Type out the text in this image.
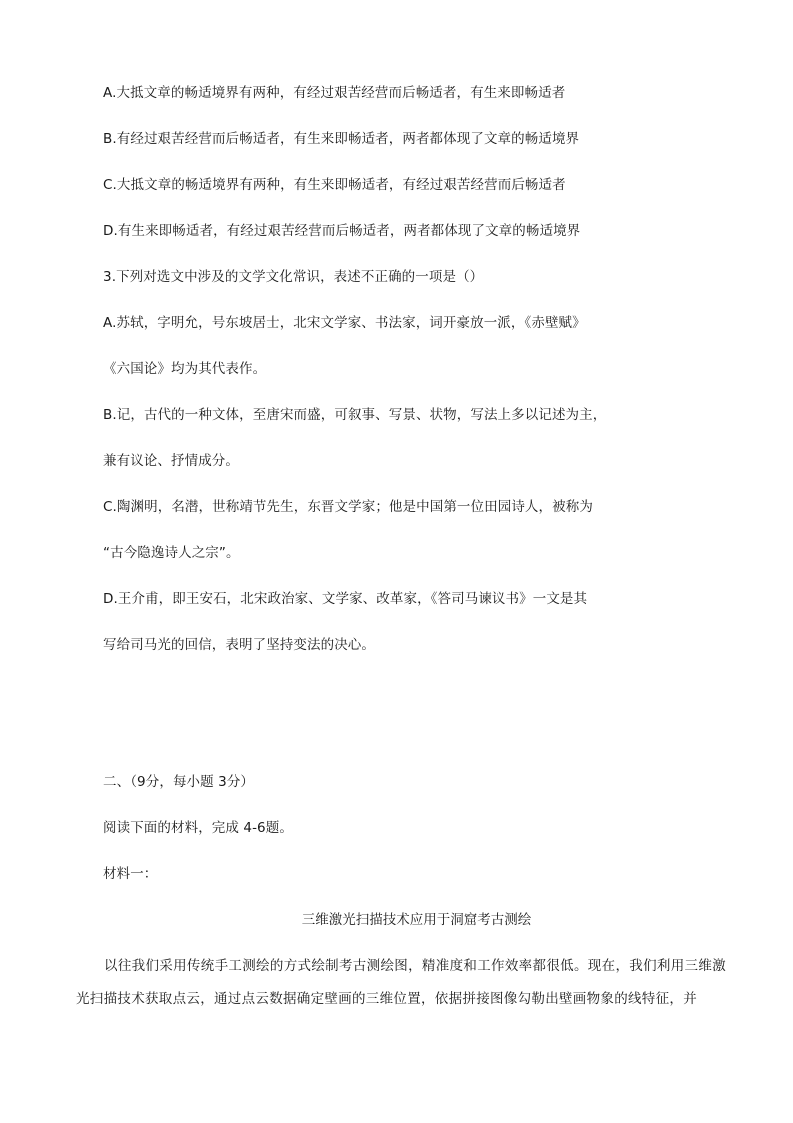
A.大抵文章的畅适境界有两种，有经过艰苦经营而后畅适者，有生来即畅适者
B.有经过艰苦经营而后畅适者，有生来即畅适者，两者都体现了文章的畅适境界
C.大抵文章的畅适境界有两种，有生来即畅适者，有经过艰苦经营而后畅适者
D.有生来即畅适者，有经过艰苦经营而后畅适者，两者都体现了文章的畅适境界
3.下列对选文中涉及的文学文化常识，表述不正确的一项是（）
A.苏轼，字明允，号东坡居士，北宋文学家、书法家，词开豪放一派，《赤壁赋》
《六国论》均为其代表作。
B.记，古代的一种文体，至唐宋而盛，可叙事、写景、状物，写法上多以记述为主，
兼有议论、抒情成分。
C.陶渊明，名潜，世称靖节先生，东晋文学家；他是中国第一位田园诗人，被称为
“古今隐逸诗人之宗”。
D.王介甫，即王安石，北宋政治家、文学家、改革家，《答司马谏议书》一文是其
写给司马光的回信，表明了坚持变法的决心。
二、（9分，每小题 3分）
阅读下面的材料，完成 4-6题。
材料一：
三维激光扫描技术应用于洞窟考古测绘
以往我们采用传统手工测绘的方式绘制考古测绘图，精准度和工作效率都很低。现在，我们利用三维激光扫描技术获取点云，通过点云数据确定壁画的三维位置，依据拼接图像勾勒出壁画物象的线特征，并
